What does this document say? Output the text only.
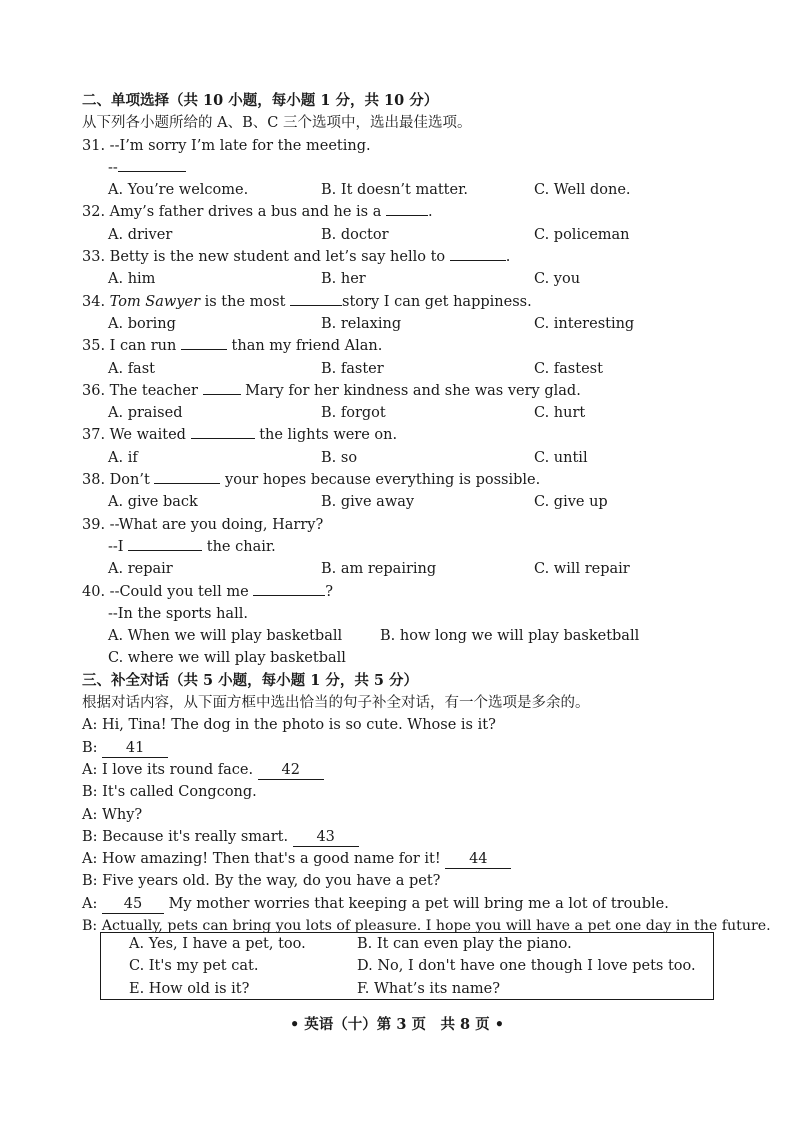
二、单项选择（共 10 小题，每小题 1 分，共 10 分）
从下列各小题所给的 A、B、C 三个选项中，选出最佳选项。
31. --I’m sorry I’m late for the meeting.
--
A. You’re welcome.	B. It doesn’t matter.	C. Well done.
32. Amy’s father drives a bus and he is a	.
A. driver	B. doctor	C. policeman
33. Betty is the new student and let’s say hello to	.
A. him	B. her	C. you
34. Tom Sawyer is the most	story I can get happiness.
A. boring	B. relaxing	C. interesting
35. I can run	than my friend Alan.
A. fast	B. faster	C. fastest
36. The teacher	Mary for her kindness and she was very glad.
A. praised	B. forgot	C. hurt
37. We waited	the lights were on.
A. if	B. so	C. until
38. Don’t	your hopes because everything is possible.
A. give back	B. give away	C. give up
39. --What are you doing, Harry?
--I	the chair.
A. repair	B. am repairing	C. will repair
40. --Could you tell me	?
--In the sports hall.
A. When we will play basketball	B. how long we will play basketball
C. where we will play basketball
三、补全对话（共 5 小题，每小题 1 分，共 5 分）
根据对话内容，从下面方框中选出恰当的句子补全对话，有一个选项是多余的。
A: Hi, Tina! The dog in the photo is so cute. Whose is it?
B: 41
A: I love its round face. 42
B: It's called Congcong.
A: Why?
B: Because it's really smart. 43
A: How amazing! Then that's a good name for it! 44
B: Five years old. By the way, do you have a pet?
A: 45 My mother worries that keeping a pet will bring me a lot of trouble.
B: Actually, pets can bring you lots of pleasure. I hope you will have a pet one day in the future.
A. Yes, I have a pet, too.	B. It can even play the piano.
C. It's my pet cat.	D. No, I don't have one though I love pets too.
E. How old is it?	F. What’s its name?
• 英语（十）第 3 页　共 8 页 •
